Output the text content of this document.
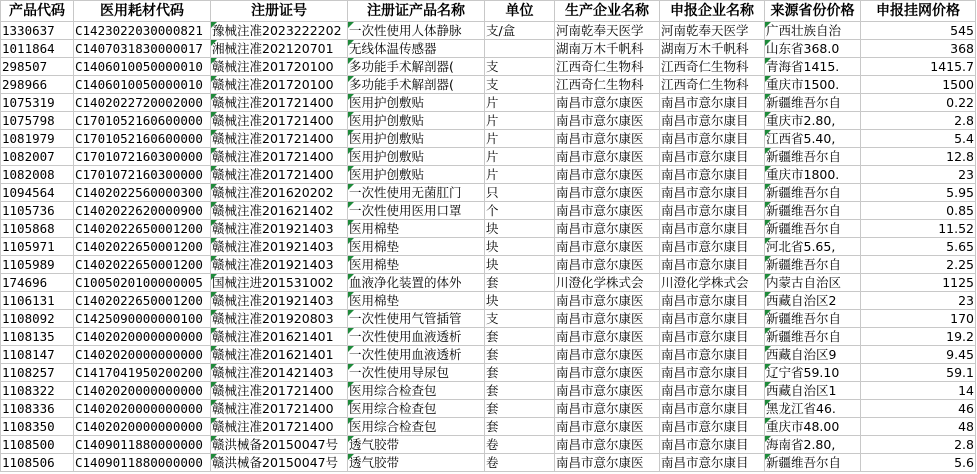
产品代码	医用耗材代码	注册证号	注册证产品名称	单位	生产企业名称	申报企业名称	来源省份价格	申报挂网价格
1330637	C1423022030000821	豫械注准2023222202	一次性使用人体静脉	支/盒	河南乾奉天医学	河南乾奉天医学	广西壮族自治	545
1011864	C1407031830000017	湘械注准202120701	无线体温传感器		湖南万木千帆科	湖南万木千帆科	山东省368.0	368
298507	C1406010050000010	赣械注准201720100	多功能手术解剖器(	支	江西奇仁生物科	江西奇仁生物科	青海省1415.	1415.7
298966	C1406010050000010	赣械注准201720100	多功能手术解剖器(	支	江西奇仁生物科	江西奇仁生物科	重庆市1500.	1500
1075319	C1402022720002000	赣械注准201721400	医用护创敷贴	片	南昌市意尔康医	南昌市意尔康目	新疆维吾尔自	0.22
1075798	C1701052160600000	赣械注准201721400	医用护创敷贴	片	南昌市意尔康医	南昌市意尔康目	重庆市2.80,	2.8
1081979	C1701052160600000	赣械注准201721400	医用护创敷贴	片	南昌市意尔康医	南昌市意尔康目	江西省5.40,	5.4
1082007	C1701072160300000	赣械注准201721400	医用护创敷贴	片	南昌市意尔康医	南昌市意尔康目	新疆维吾尔自	12.8
1082008	C1701072160300000	赣械注准201721400	医用护创敷贴	片	南昌市意尔康医	南昌市意尔康目	重庆市1800.	23
1094564	C1402022560000300	赣械注准201620202	一次性使用无菌肛门	只	南昌市意尔康医	南昌市意尔康目	新疆维吾尔自	5.95
1105736	C1402022620000900	赣械注准201621402	一次性使用医用口罩	个	南昌市意尔康医	南昌市意尔康目	新疆维吾尔自	0.85
1105868	C1402022650001200	赣械注准201921403	医用棉垫	块	南昌市意尔康医	南昌市意尔康目	新疆维吾尔自	11.52
1105971	C1402022650001200	赣械注准201921403	医用棉垫	块	南昌市意尔康医	南昌市意尔康目	河北省5.65,	5.65
1105989	C1402022650001200	赣械注准201921403	医用棉垫	块	南昌市意尔康医	南昌市意尔康目	新疆维吾尔自	2.25
174696	C1005020100000005	国械注进201531002	血液净化装置的体外	套	川澄化学株式会	川澄化学株式会	内蒙古自治区	1125
1106131	C1402022650001200	赣械注准201921403	医用棉垫	块	南昌市意尔康医	南昌市意尔康目	西藏自治区2	23
1108092	C1425090000000100	赣械注准201920803	一次性使用气管插管	支	南昌市意尔康医	南昌市意尔康目	新疆维吾尔自	170
1108135	C1402020000000000	赣械注准201621401	一次性使用血液透析	套	南昌市意尔康医	南昌市意尔康目	新疆维吾尔自	19.2
1108147	C1402020000000000	赣械注准201621401	一次性使用血液透析	套	南昌市意尔康医	南昌市意尔康目	西藏自治区9	9.45
1108257	C1417041950200200	赣械注准201421403	一次性使用导尿包	套	南昌市意尔康医	南昌市意尔康目	辽宁省59.10	59.1
1108322	C1402020000000000	赣械注准201721400	医用综合检查包	套	南昌市意尔康医	南昌市意尔康目	西藏自治区1	14
1108336	C1402020000000000	赣械注准201721400	医用综合检查包	套	南昌市意尔康医	南昌市意尔康目	黑龙江省46.	46
1108350	C1402020000000000	赣械注准201721400	医用综合检查包	套	南昌市意尔康医	南昌市意尔康目	重庆市48.00	48
1108500	C1409011880000000	赣洪械备20150047号	透气胶带	卷	南昌市意尔康医	南昌市意尔康目	海南省2.80,	2.8
1108506	C1409011880000000	赣洪械备20150047号	透气胶带	卷	南昌市意尔康医	南昌市意尔康目	新疆维吾尔自	5.6
